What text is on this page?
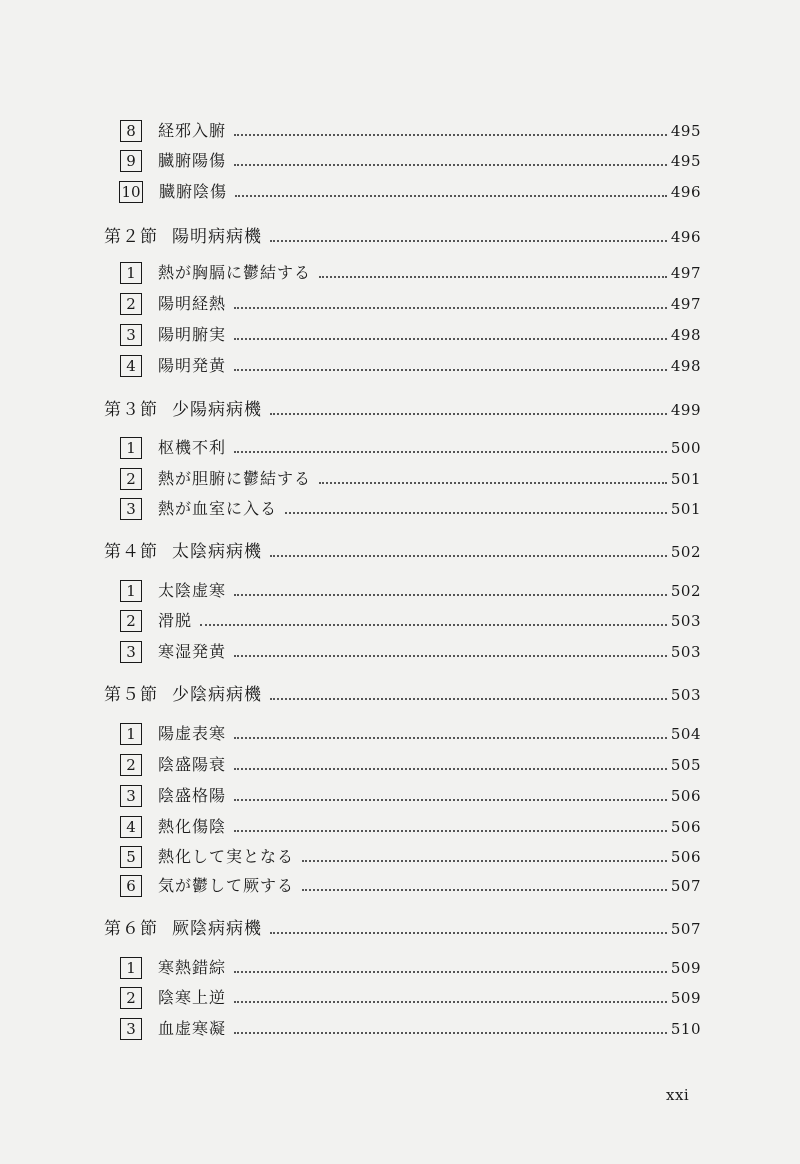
8	経邪入腑	495
9	臓腑陽傷	495
10 臓腑陰傷	496
第２節 陽明病病機	496
1	熱が胸膈に鬱結する	497
2	陽明経熱	497
3	陽明腑実	498
4	陽明発黄	498
第３節 少陽病病機	499
1	枢機不利	500
2	熱が胆腑に鬱結する	501
3	熱が血室に入る	501
第４節 太陰病病機	502
1	太陰虚寒	502
2	滑脱	503
3	寒湿発黄	503
第５節 少陰病病機	503
1	陽虚表寒	504
2	陰盛陽衰	505
3	陰盛格陽	506
4	熱化傷陰	506
5	熱化して実となる	506
6	気が鬱して厥する	507
第６節 厥陰病病機	507
1	寒熱錯綜	509
2	陰寒上逆	509
3	血虚寒凝	510
xxi
